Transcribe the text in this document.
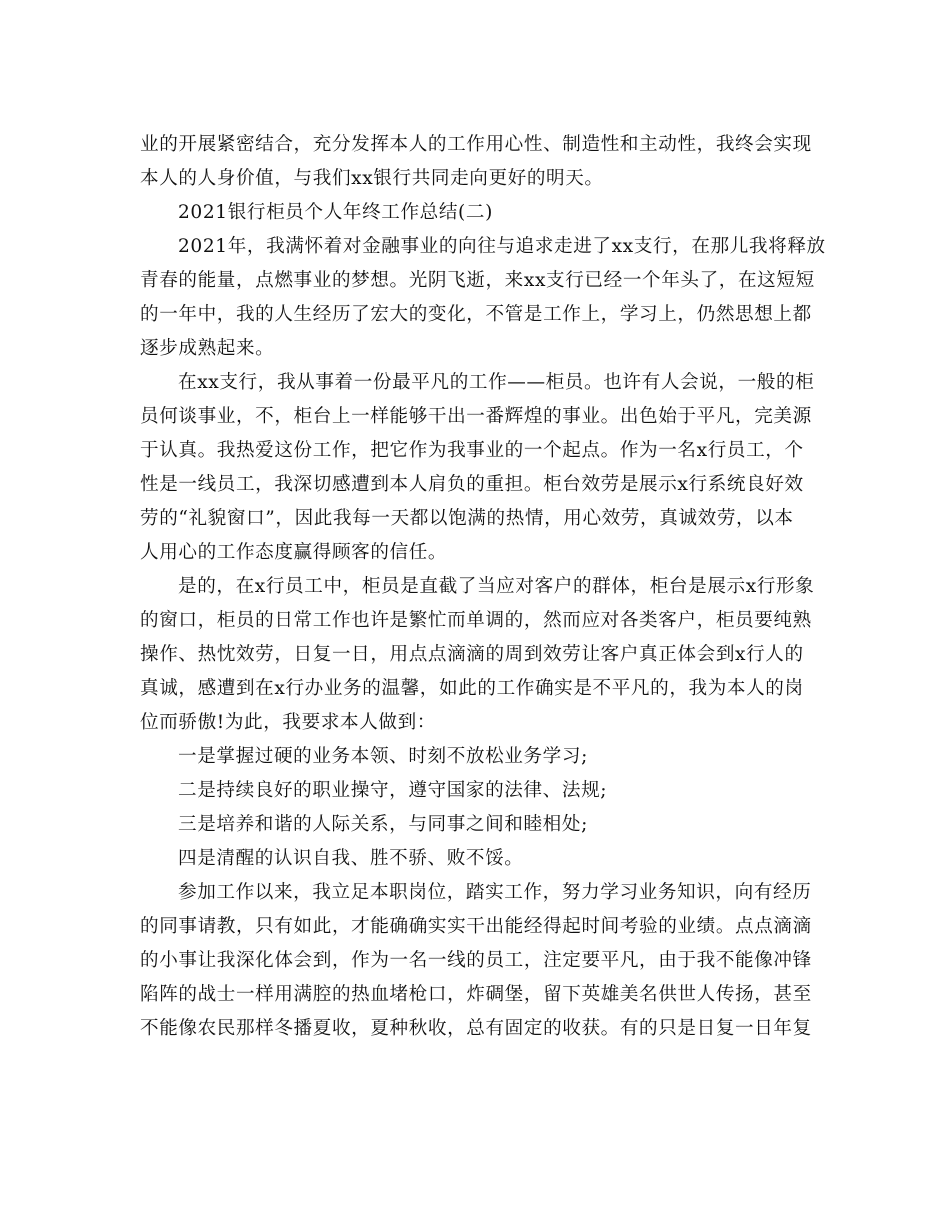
业的开展紧密结合，充分发挥本人的工作用心性、制造性和主动性，我终会实现
本人的人身价值，与我们xx银行共同走向更好的明天。
2021银行柜员个人年终工作总结(二)
2021年，我满怀着对金融事业的向往与追求走进了xx支行，在那儿我将释放
青春的能量，点燃事业的梦想。光阴飞逝，来xx支行已经一个年头了，在这短短
的一年中，我的人生经历了宏大的变化，不管是工作上，学习上，仍然思想上都
逐步成熟起来。
在xx支行，我从事着一份最平凡的工作——柜员。也许有人会说，一般的柜
员何谈事业，不，柜台上一样能够干出一番辉煌的事业。出色始于平凡，完美源
于认真。我热爱这份工作，把它作为我事业的一个起点。作为一名x行员工，个
性是一线员工，我深切感遭到本人肩负的重担。柜台效劳是展示x行系统良好效
劳的“礼貌窗口”，因此我每一天都以饱满的热情，用心效劳，真诚效劳，以本
人用心的工作态度赢得顾客的信任。
是的，在x行员工中，柜员是直截了当应对客户的群体，柜台是展示x行形象
的窗口，柜员的日常工作也许是繁忙而单调的，然而应对各类客户，柜员要纯熟
操作、热忱效劳，日复一日，用点点滴滴的周到效劳让客户真正体会到x行人的
真诚，感遭到在x行办业务的温馨，如此的工作确实是不平凡的，我为本人的岗
位而骄傲!为此，我要求本人做到：
一是掌握过硬的业务本领、时刻不放松业务学习;
二是持续良好的职业操守，遵守国家的法律、法规;
三是培养和谐的人际关系，与同事之间和睦相处;
四是清醒的认识自我、胜不骄、败不馁。
参加工作以来，我立足本职岗位，踏实工作，努力学习业务知识，向有经历
的同事请教，只有如此，才能确确实实干出能经得起时间考验的业绩。点点滴滴
的小事让我深化体会到，作为一名一线的员工，注定要平凡，由于我不能像冲锋
陷阵的战士一样用满腔的热血堵枪口，炸碉堡，留下英雄美名供世人传扬，甚至
不能像农民那样冬播夏收，夏种秋收，总有固定的收获。有的只是日复一日年复
